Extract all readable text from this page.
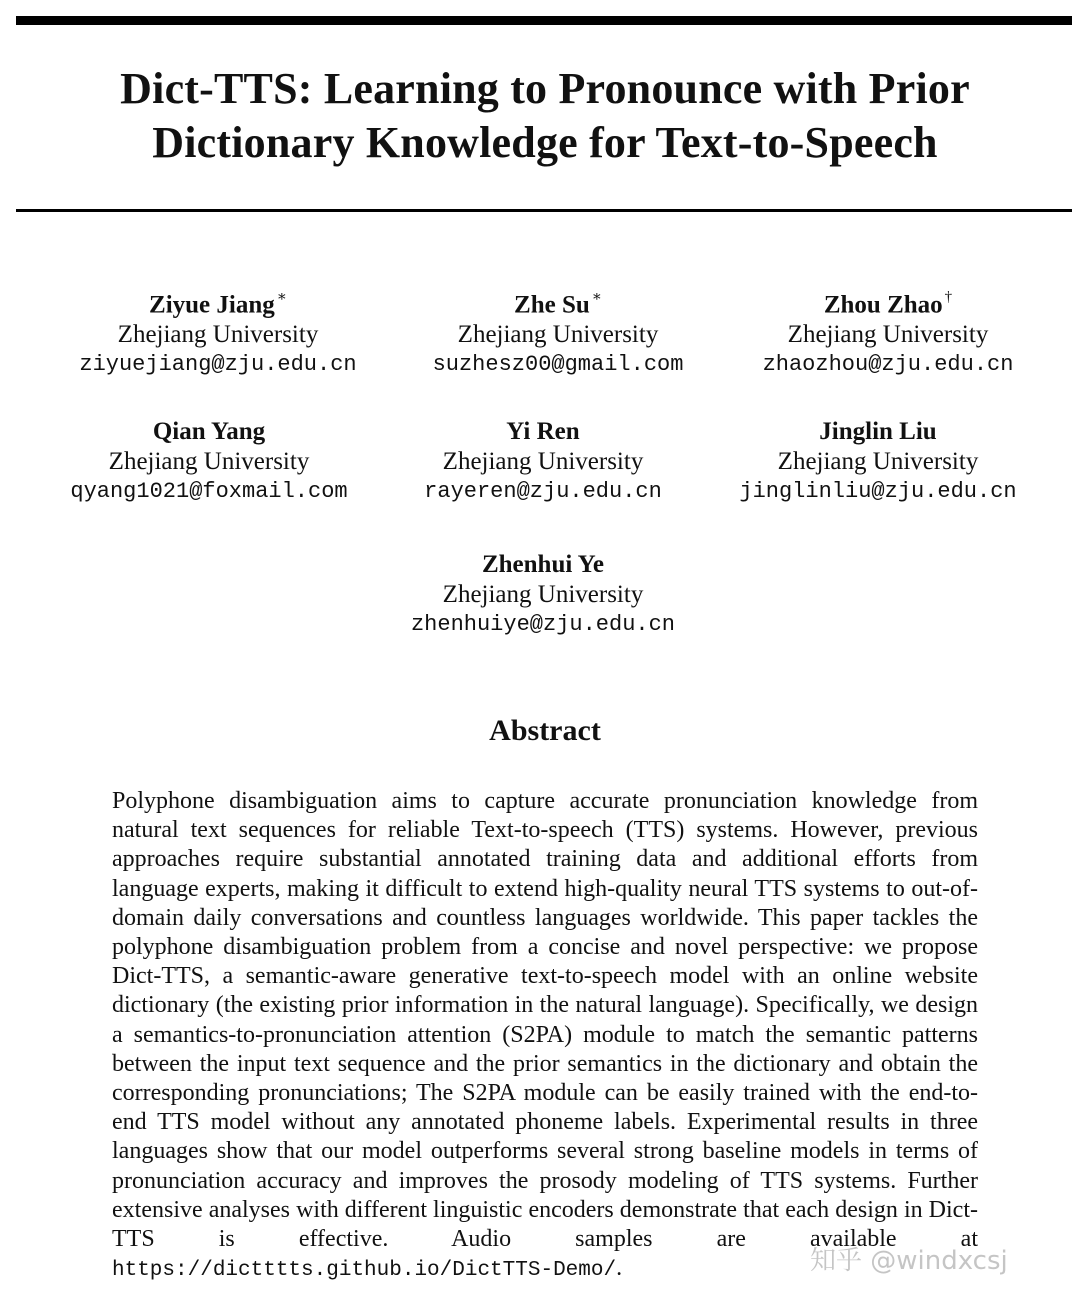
Dict-TTS: Learning to Pronounce with Prior
Dictionary Knowledge for Text-to-Speech
Ziyue Jiang ∗
Zhejiang University
ziyuejiang@zju.edu.cn
Zhe Su ∗
Zhejiang University
suzhesz00@gmail.com
Zhou Zhao †
Zhejiang University
zhaozhou@zju.edu.cn
Qian Yang
Zhejiang University
qyang1021@foxmail.com
Yi Ren
Zhejiang University
rayeren@zju.edu.cn
Jinglin Liu
Zhejiang University
jinglinliu@zju.edu.cn
Zhenhui Ye
Zhejiang University
zhenhuiye@zju.edu.cn
Abstract
Polyphone disambiguation aims to capture accurate pronunciation knowledge from natural text sequences for reliable Text-to-speech (TTS) systems. However, previous approaches require substantial annotated training data and additional efforts from language experts, making it difficult to extend high-quality neural TTS systems to out-of-domain daily conversations and countless languages worldwide. This paper tackles the polyphone disambiguation problem from a concise and novel perspective: we propose Dict-TTS, a semantic-aware generative text-to-speech model with an online website dictionary (the existing prior information in the natural language). Specifically, we design a semantics-to-pronunciation attention (S2PA) module to match the semantic patterns between the input text sequence and the prior semantics in the dictionary and obtain the corresponding pronunciations; The S2PA module can be easily trained with the end-to-end TTS model without any annotated phoneme labels. Experimental results in three languages show that our model outperforms several strong baseline models in terms of pronunciation accuracy and improves the prosody modeling of TTS systems. Further extensive analyses with different linguistic encoders demonstrate that each design in Dict-TTS is effective. Audio samples are available at https://dictttts.github.io/DictTTS-Demo/.	知乎 @windxcsj
